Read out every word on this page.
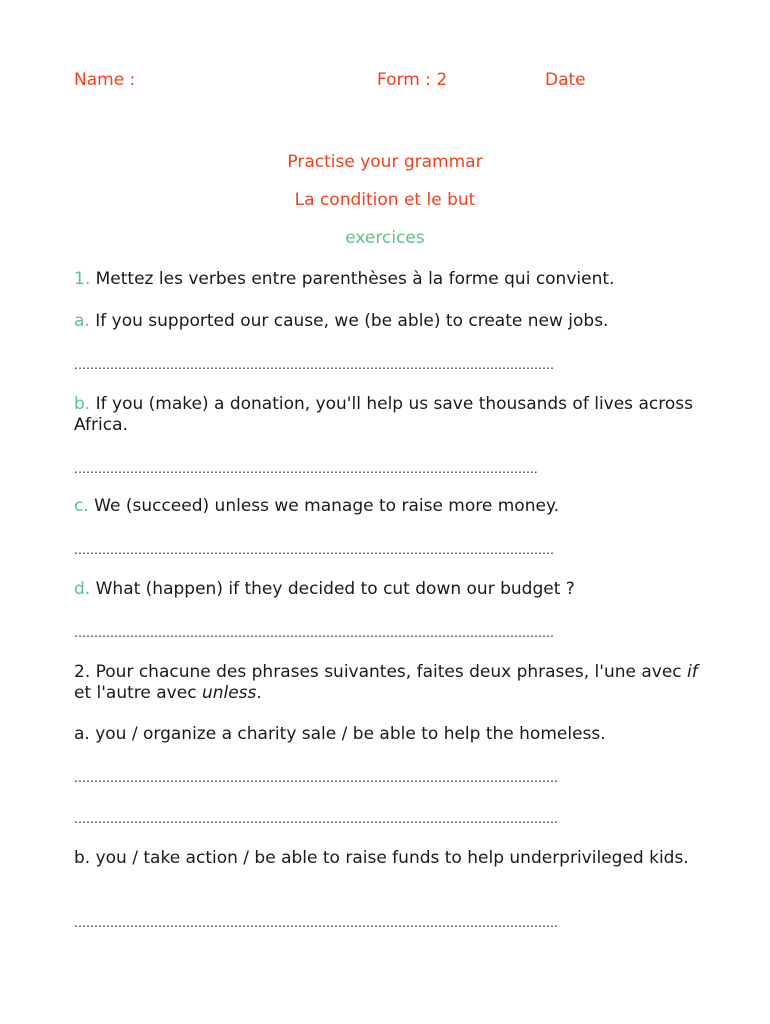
Name :	Form : 2	Date
Practise your grammar
La condition et le but
exercices
1. Mettez les verbes entre parenthèses à la forme qui convient.
a. If you supported our cause, we (be able) to create new jobs.
…………………………………………………………………………………………………………
b. If you (make) a donation, you'll help us save thousands of lives across Africa.
……………………………………………………………………………………………………..
c. We (succeed) unless we manage to raise more money.
…………………………………………………………………………………………………………
d. What (happen) if they decided to cut down our budget ?
…………………………………………………………………………………………………………
2. Pour chacune des phrases suivantes, faites deux phrases, l'une avec if et l'autre avec unless.
a. you / organize a charity sale / be able to help the homeless.
………………………………………………………………………………………………………….
………………………………………………………………………………………………………….
b. you / take action / be able to raise funds to help underprivileged kids.
………………………………………………………………………………………………………….
